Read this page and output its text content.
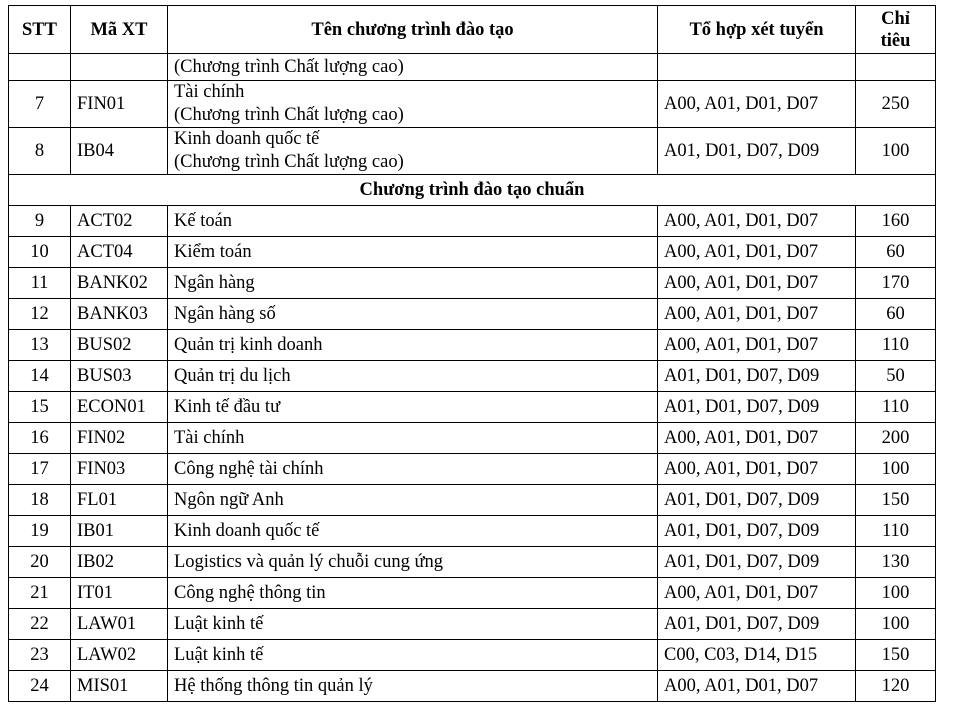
STT	Mã XT	Tên chương trình đào tạo	Tổ hợp xét tuyển	Chỉ
tiêu
		(Chương trình Chất lượng cao)		
7	FIN01	Tài chính
(Chương trình Chất lượng cao)	A00, A01, D01, D07	250
8	IB04	Kinh doanh quốc tế
(Chương trình Chất lượng cao)	A01, D01, D07, D09	100
Chương trình đào tạo chuẩn				
9	ACT02	Kế toán	A00, A01, D01, D07	160
10	ACT04	Kiểm toán	A00, A01, D01, D07	60
11	BANK02	Ngân hàng	A00, A01, D01, D07	170
12	BANK03	Ngân hàng số	A00, A01, D01, D07	60
13	BUS02	Quản trị kinh doanh	A00, A01, D01, D07	110
14	BUS03	Quản trị du lịch	A01, D01, D07, D09	50
15	ECON01	Kinh tế đầu tư	A01, D01, D07, D09	110
16	FIN02	Tài chính	A00, A01, D01, D07	200
17	FIN03	Công nghệ tài chính	A00, A01, D01, D07	100
18	FL01	Ngôn ngữ Anh	A01, D01, D07, D09	150
19	IB01	Kinh doanh quốc tế	A01, D01, D07, D09	110
20	IB02	Logistics và quản lý chuỗi cung ứng	A01, D01, D07, D09	130
21	IT01	Công nghệ thông tin	A00, A01, D01, D07	100
22	LAW01	Luật kinh tế	A01, D01, D07, D09	100
23	LAW02	Luật kinh tế	C00, C03, D14, D15	150
24	MIS01	Hệ thống thông tin quản lý	A00, A01, D01, D07	120
